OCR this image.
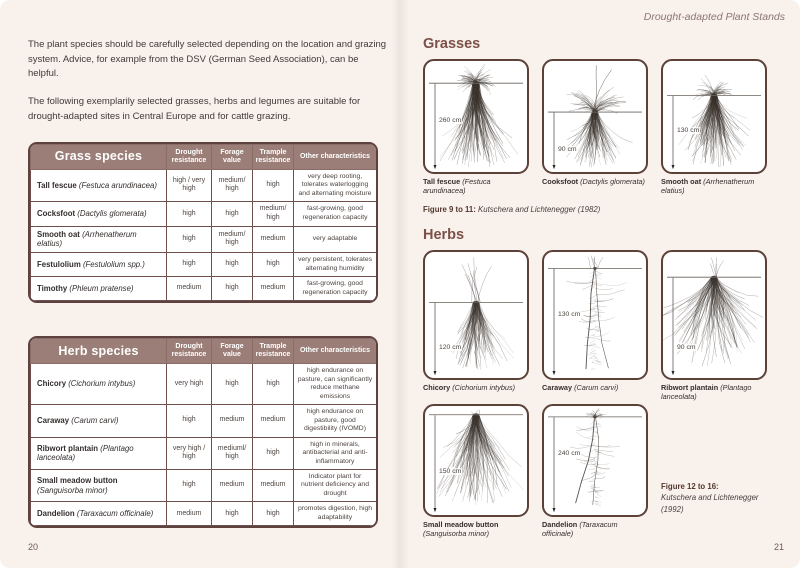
The plant species should be carefully selected depending on the location and grazing system. Advice, for example from the DSV (German Seed Association), can be helpful.

The following exemplarily selected grasses, herbs and legumes are suitable for drought-adapted sites in Central Europe and for cattle grazing.

Grass species	Drought resistance	Forage value	Trample resistance	Other characteristics
Tall fescue (Festuca arundinacea)	high / very high	medium/ high	high	very deep rooting, tolerates waterlogging and alternating moisture
Cocksfoot (Dactylis glomerata)	high	high	medium/ high	fast-growing, good regeneration capacity
Smooth oat (Arrhenatherum elatius)	high	medium/ high	medium	very adaptable
Festulolium (Festulolium spp.)	high	high	high	very persistent, tolerates alternating humidity
Timothy (Phleum pratense)	medium	high	medium	fast-growing, good regeneration capacity
Herb species	Drought resistance	Forage value	Trample resistance	Other characteristics
Chicory (Cichorium intybus)	very high	high	high	high endurance on pasture, can significantly reduce methane emissions
Caraway (Carum carvi)	high	medium	medium	high endurance on pasture, good digestibility (IVOMD)
Ribwort plantain (Plantago lanceolata)	very high / high	mediuml/ high	high	high in minerals, antibacterial and anti-inflammatory
Small meadow button (Sanguisorba minor)	high	medium	medium	Indicator plant for nutrient deficiency and drought
Dandelion (Taraxacum officinale)	medium	high	high	promotes digestion, high adaptability
20
Drought-adapted Plant Stands
Grasses
260 cm

Tall fescue (Festuca arundinacea)

90 cm

Cooksfoot (Dactylis glomerata)

130 cm

Smooth oat (Arrhenatherum elatius)

Figure 9 to 11: Kutschera and Lichtenegger (1982)

Herbs
120 cm

Chicory (Cichorium intybus)

130 cm

Caraway (Carum carvi)

90 cm

Ribwort plantain (Plantago lanceolata)

150 cm

Small meadow button (Sanguisorba minor)

240 cm

Dandelion (Taraxacum officinale)

Figure 12 to 16:
Kutschera and Lichtenegger
(1992)
21
